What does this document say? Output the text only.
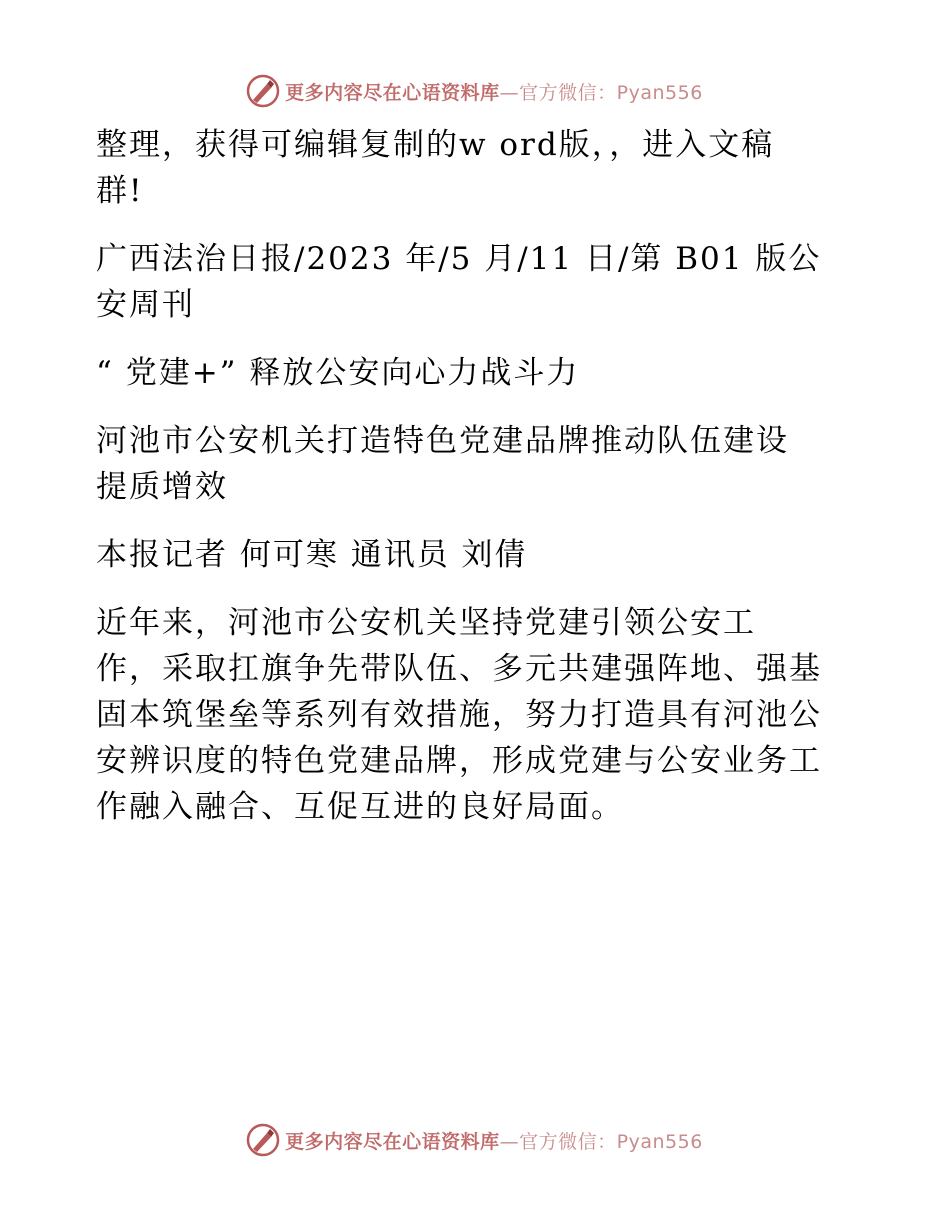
更多内容尽在心语资料库—官方微信：Pyan556

整理，获得可编辑复制的w ord版，，进入文稿
群!

广西法治日报/2023 年/5 月/11 日/第 B01 版公
安周刊

“ 党建+” 释放公安向心力战斗力

河池市公安机关打造特色党建品牌推动队伍建设
提质增效

本报记者 何可寒 通讯员 刘倩

近年来，河池市公安机关坚持党建引领公安工
作，采取扛旗争先带队伍、多元共建强阵地、强基
固本筑堡垒等系列有效措施，努力打造具有河池公
安辨识度的特色党建品牌，形成党建与公安业务工
作融入融合、互促互进的良好局面。

更多内容尽在心语资料库—官方微信：Pyan556
